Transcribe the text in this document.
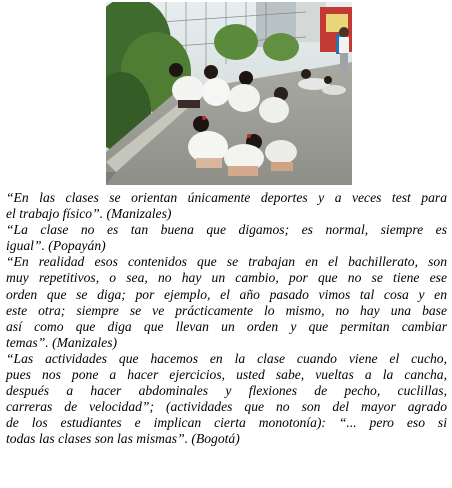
“En las clases se orientan únicamente deportes y a veces test para
el trabajo físico”. (Manizales)

“La clase no es tan buena que digamos; es normal, siempre es
igual”. (Popayán)

“En realidad esos contenidos que se trabajan en el bachillerato, son
muy repetitivos, o sea, no hay un cambio, por que no se tiene ese
orden que se diga; por ejemplo, el año pasado vimos tal cosa y en
este otra; siempre se ve prácticamente lo mismo, no hay una base
así como que diga que llevan un orden y que permitan cambiar
temas”. (Manizales)

“Las actividades que hacemos en la clase cuando viene el cucho,
pues nos pone a hacer ejercicios, usted sabe, vueltas a la cancha,
después a hacer abdominales y flexiones de pecho, cuclillas,
carreras de velocidad”; (actividades que no son del mayor agrado
de los estudiantes e implican cierta monotonía): “... pero eso si
todas las clases son las mismas”. (Bogotá)
